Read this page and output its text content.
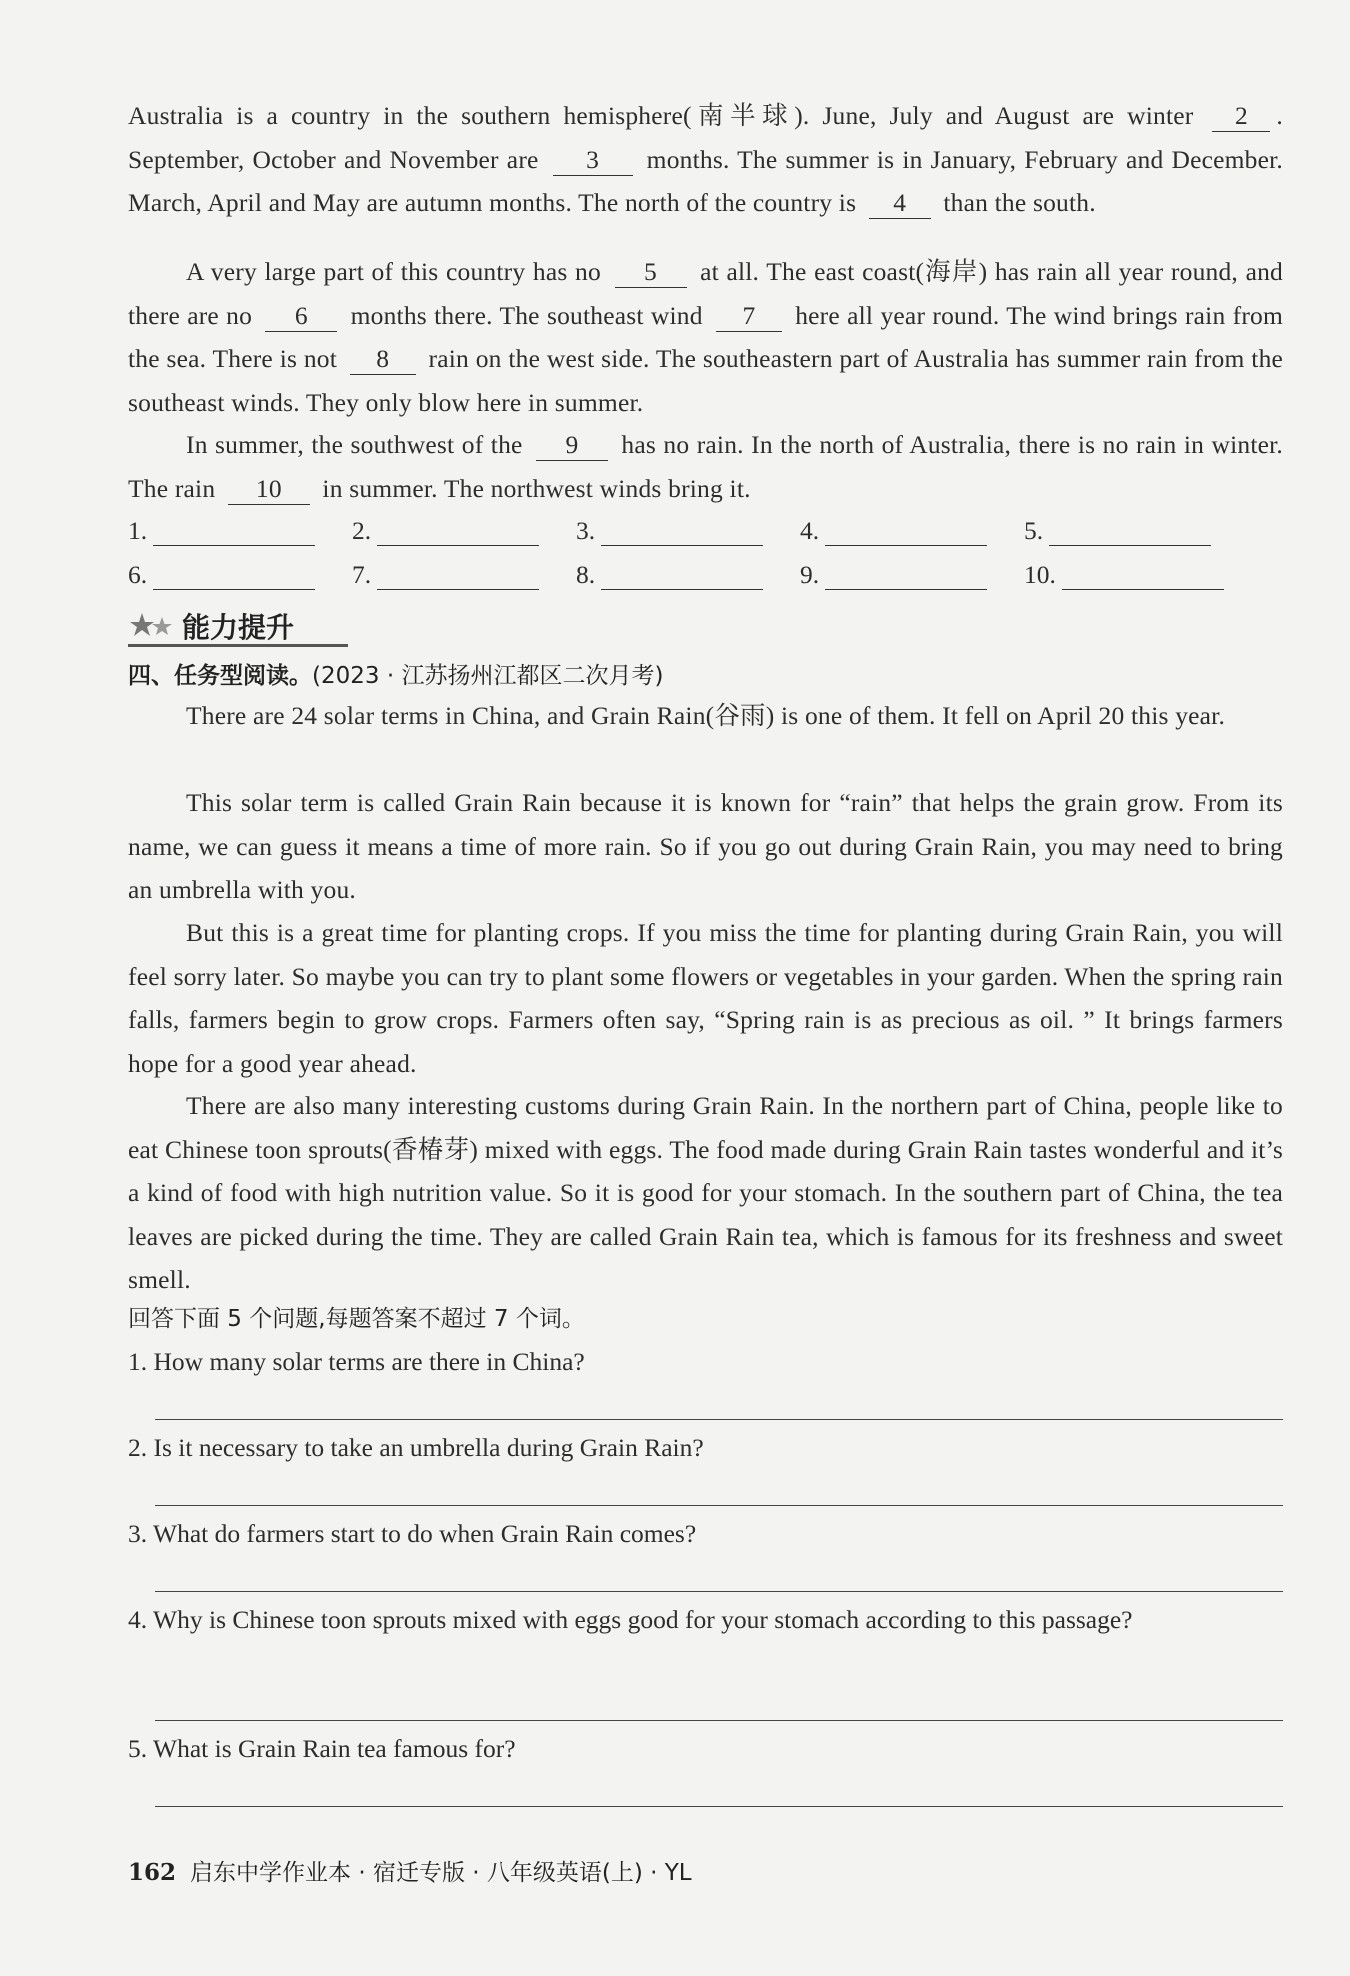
Australia is a country in the southern hemisphere(南半球). June, July and August are winter 2 . September, October and November are 3 months. The summer is in January, February and December. March, April and May are autumn months. The north of the country is 4 than the south.
A very large part of this country has no 5 at all. The east coast(海岸) has rain all year round, and there are no 6 months there. The southeast wind 7 here all year round. The wind brings rain from the sea. There is not 8 rain on the west side. The southeastern part of Australia has summer rain from the southeast winds. They only blow here in summer.
In summer, the southwest of the 9 has no rain. In the north of Australia, there is no rain in winter. The rain 10 in summer. The northwest winds bring it.
1.	2.	3.	4.	5.
6.	7.	8.	9.	10.
能力提升
四、任务型阅读。(2023 · 江苏扬州江都区二次月考)
There are 24 solar terms in China, and Grain Rain(谷雨) is one of them. It fell on April 20 this year.
This solar term is called Grain Rain because it is known for “rain” that helps the grain grow. From its name, we can guess it means a time of more rain. So if you go out during Grain Rain, you may need to bring an umbrella with you.
But this is a great time for planting crops. If you miss the time for planting during Grain Rain, you will feel sorry later. So maybe you can try to plant some flowers or vegetables in your garden. When the spring rain falls, farmers begin to grow crops. Farmers often say, “Spring rain is as precious as oil. ” It brings farmers hope for a good year ahead.
There are also many interesting customs during Grain Rain. In the northern part of China, people like to eat Chinese toon sprouts(香椿芽) mixed with eggs. The food made during Grain Rain tastes wonderful and it’s a kind of food with high nutrition value. So it is good for your stomach. In the southern part of China, the tea leaves are picked during the time. They are called Grain Rain tea, which is famous for its freshness and sweet smell.
回答下面 5 个问题,每题答案不超过 7 个词。
1. How many solar terms are there in China?
2. Is it necessary to take an umbrella during Grain Rain?
3. What do farmers start to do when Grain Rain comes?
4. Why is Chinese toon sprouts mixed with eggs good for your stomach according to this passage?
5. What is Grain Rain tea famous for?
162 启东中学作业本 · 宿迁专版 · 八年级英语(上) · YL
